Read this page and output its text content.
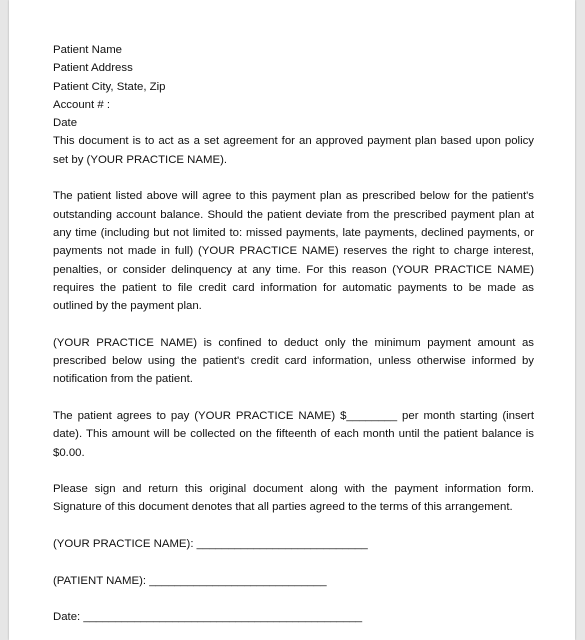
Patient Name
Patient Address
Patient City, State, Zip
Account # :
Date
This document is to act as a set agreement for an approved payment plan based upon policy set by (YOUR PRACTICE NAME).
The patient listed above will agree to this payment plan as prescribed below for the patient's outstanding account balance. Should the patient deviate from the prescribed payment plan at any time (including but not limited to: missed payments, late payments, declined payments, or payments not made in full) (YOUR PRACTICE NAME) reserves the right to charge interest, penalties, or consider delinquency at any time. For this reason (YOUR PRACTICE NAME) requires the patient to file credit card information for automatic payments to be made as outlined by the payment plan.
(YOUR PRACTICE NAME) is confined to deduct only the minimum payment amount as prescribed below using the patient's credit card information, unless otherwise informed by notification from the patient.
The patient agrees to pay (YOUR PRACTICE NAME) $________ per month starting (insert date). This amount will be collected on the fifteenth of each month until the patient balance is $0.00.
Please sign and return this original document along with the payment information form. Signature of this document denotes that all parties agreed to the terms of this arrangement.
(YOUR PRACTICE NAME): ___________________________
(PATIENT NAME): ____________________________
Date: ____________________________________________
